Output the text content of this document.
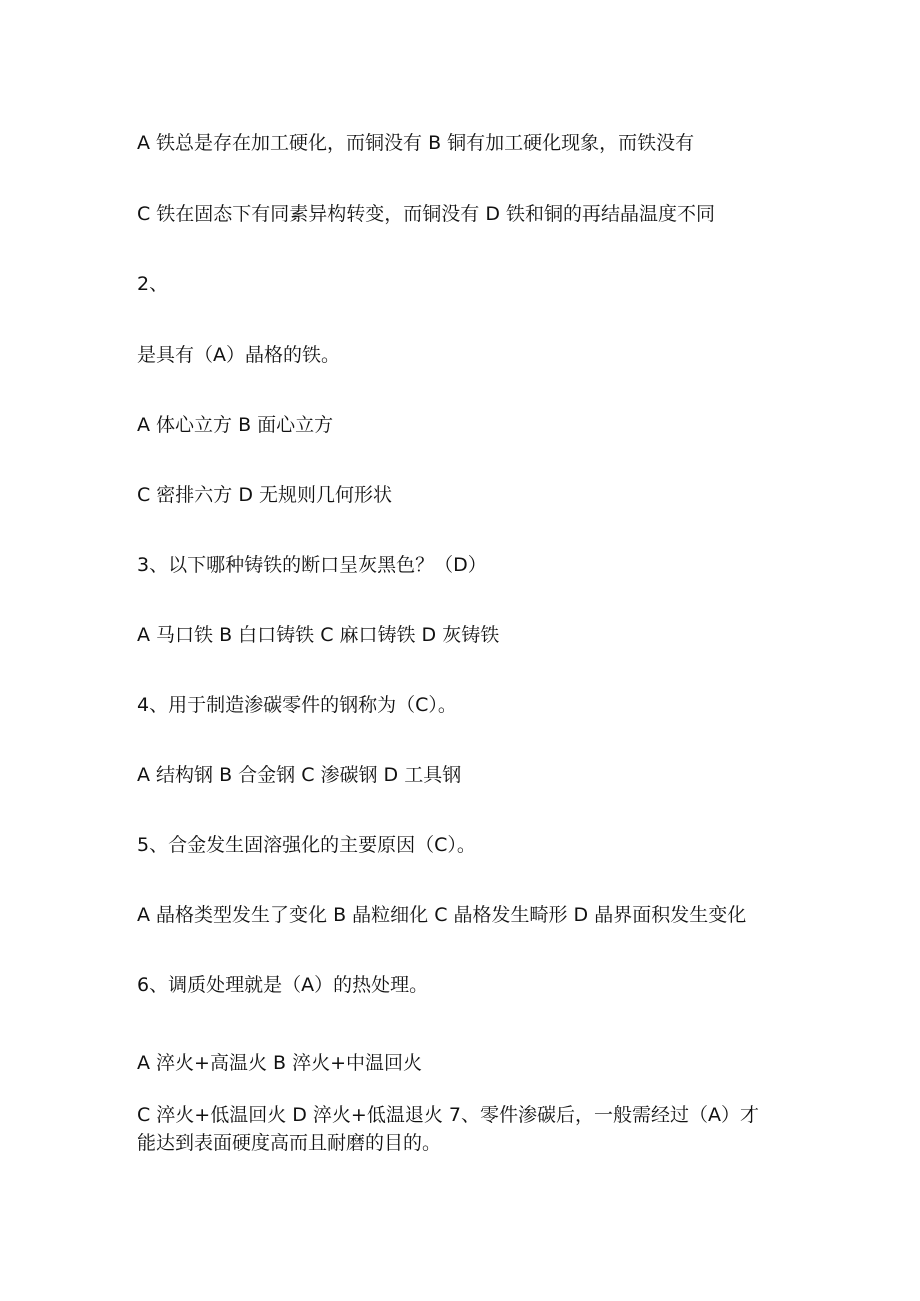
A 铁总是存在加工硬化，而铜没有 B 铜有加工硬化现象，而铁没有
C 铁在固态下有同素异构转变，而铜没有 D 铁和铜的再结晶温度不同
2、
是具有（A）晶格的铁。
A 体心立方 B 面心立方
C 密排六方 D 无规则几何形状
3、以下哪种铸铁的断口呈灰黑色？（D）
A 马口铁 B 白口铸铁 C 麻口铸铁 D 灰铸铁
4、用于制造渗碳零件的钢称为（C）。
A 结构钢 B 合金钢 C 渗碳钢 D 工具钢
5、合金发生固溶强化的主要原因（C）。
A 晶格类型发生了变化 B 晶粒细化 C 晶格发生畸形 D 晶界面积发生变化
6、调质处理就是（A）的热处理。
A 淬火+高温火 B 淬火+中温回火
C 淬火+低温回火 D 淬火+低温退火 7、零件渗碳后，一般需经过（A）才能达到表面硬度高而且耐磨的目的。
